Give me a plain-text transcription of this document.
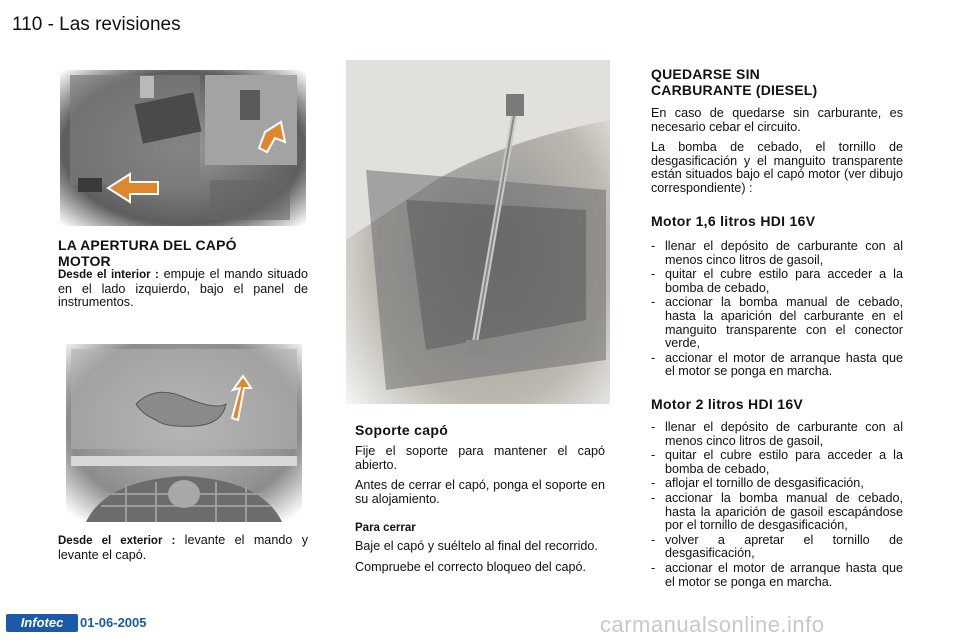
110 - Las revisiones
LA APERTURA DEL CAPÓ
MOTOR

Desde el interior : empuje el mando situado en el lado izquierdo, bajo el panel de instrumentos.

Desde el exterior : levante el mando y levante el capó.

Soporte capó

Fije el soporte para mantener el capó abierto.

Antes de cerrar el capó, ponga el soporte en su alojamiento.

Para cerrar

Baje el capó y suéltelo al final del recorrido.

Compruebe el correcto bloqueo del capó.

QUEDARSE SIN
CARBURANTE (DIESEL)

En caso de quedarse sin carburante, es necesario cebar el circuito.

La bomba de cebado, el tornillo de desgasificación y el manguito transparente están situados bajo el capó motor (ver dibujo correspondiente) :

Motor 1,6 litros HDI 16V
- llenar el depósito de carburante con al menos cinco litros de gasoil,
- quitar el cubre estilo para acceder a la bomba de cebado,
- accionar la bomba manual de cebado, hasta la aparición del carburante en el manguito transparente con el conector verde,
- accionar el motor de arranque hasta que el motor se ponga en marcha.
Motor 2 litros HDI 16V
- llenar el depósito de carburante con al menos cinco litros de gasoil,
- quitar el cubre estilo para acceder a la bomba de cebado,
- aflojar el tornillo de desgasificación,
- accionar la bomba manual de cebado, hasta la aparición de gasoil escapándose por el tornillo de desgasificación,
- volver a apretar el tornillo de desgasificación,
- accionar el motor de arranque hasta que el motor se ponga en marcha.
Infotec	01-06-2005	carmanualsonline.info
